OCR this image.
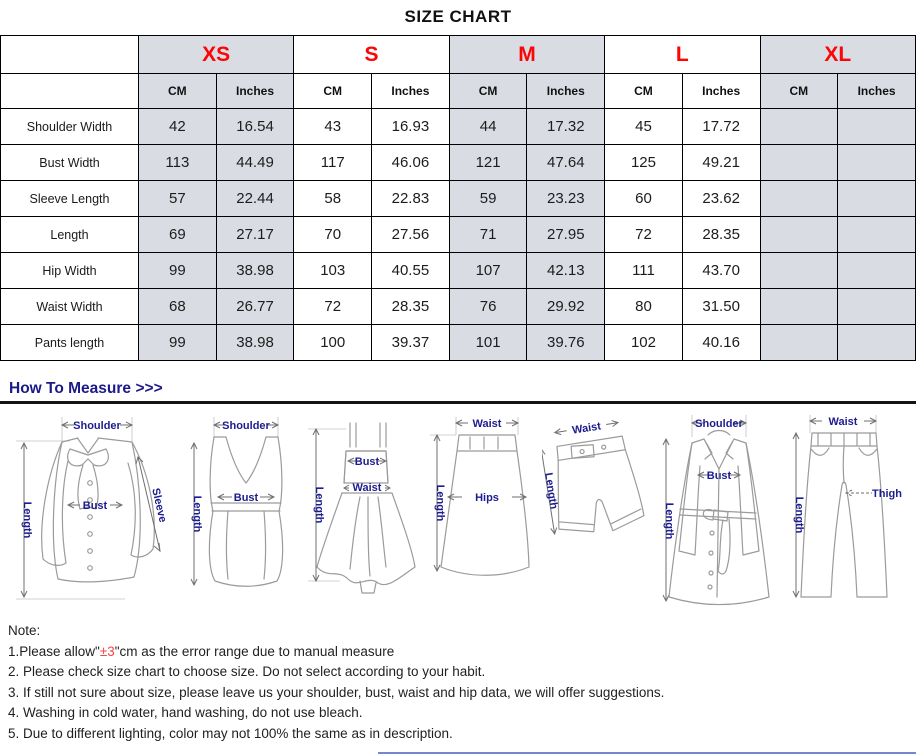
SIZE CHART
	XS		S		M		L		XL	
	CM	Inches	CM	Inches	CM	Inches	CM	Inches	CM	Inches
Shoulder Width	42	16.54	43	16.93	44	17.32	45	17.72		
Bust Width	113	44.49	117	46.06	121	47.64	125	49.21		
Sleeve Length	57	22.44	58	22.83	59	23.23	60	23.62		
Length	69	27.17	70	27.56	71	27.95	72	28.35		
Hip Width	99	38.98	103	40.55	107	42.13	111	43.70		
Waist Width	68	26.77	72	28.35	76	29.92	80	31.50		
Pants length	99	38.98	100	39.37	101	39.76	102	40.16		
How To Measure >>>
Shoulder
Length	Bust	Sleeve
Shoulder
Length	Bust	Length
Bust
Waist
Waist
Length	Hips
Waist
Length
Shoulder
Length
Bust
Waist
Length
Thigh
Note:
1.Please allow"±3"cm as the error range due to manual measure
2. Please check size chart to choose size. Do not select according to your habit.
3. If still not sure about size, please leave us your shoulder, bust, waist and hip data, we will offer suggestions.
4. Washing in cold water, hand washing, do not use bleach.
5. Due to different lighting, color may not 100% the same as in description.
